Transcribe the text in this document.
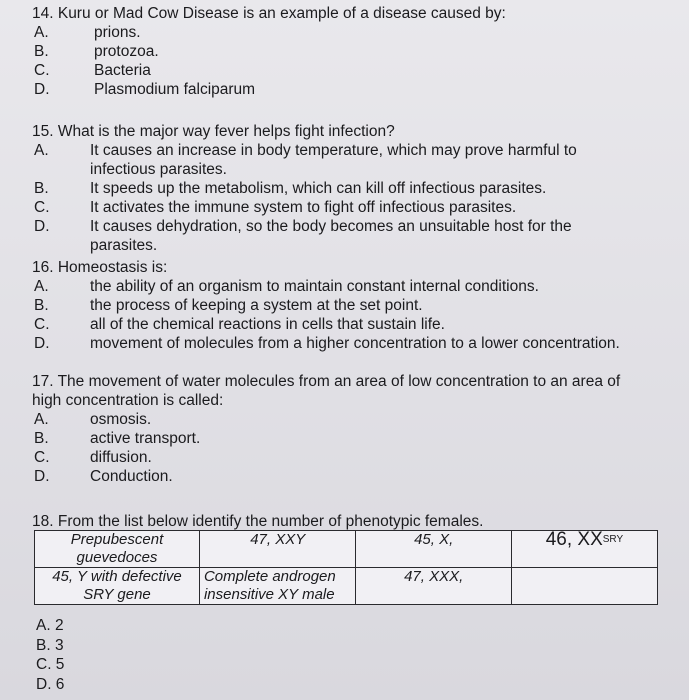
14. Kuru or Mad Cow Disease is an example of a disease caused by:

A.	prions.
B.	protozoa.
C.	Bacteria
D.	Plasmodium falciparum

15. What is the major way fever helps fight infection?

A.	It causes an increase in body temperature, which may prove harmful to infectious parasites.
B.	It speeds up the metabolism, which can kill off infectious parasites.
C.	It activates the immune system to fight off infectious parasites.
D.	It causes dehydration, so the body becomes an unsuitable host for the parasites.

16. Homeostasis is:

A.	the ability of an organism to maintain constant internal conditions.
B.	the process of keeping a system at the set point.
C.	all of the chemical reactions in cells that sustain life.
D.	movement of molecules from a higher concentration to a lower concentration.

17. The movement of water molecules from an area of low concentration to an area of high concentration is called:

A.	osmosis.
B.	active transport.
C.	diffusion.
D.	Conduction.

18. From the list below identify the number of phenotypic females.

Prepubescent guevedoces	47, XXY	45, X,	46, $XX^{SRY}$
45, Y with defective SRY gene	Complete androgen insensitive XY male	47, XXX,	
A. 2
B. 3
C. 5
D. 6
